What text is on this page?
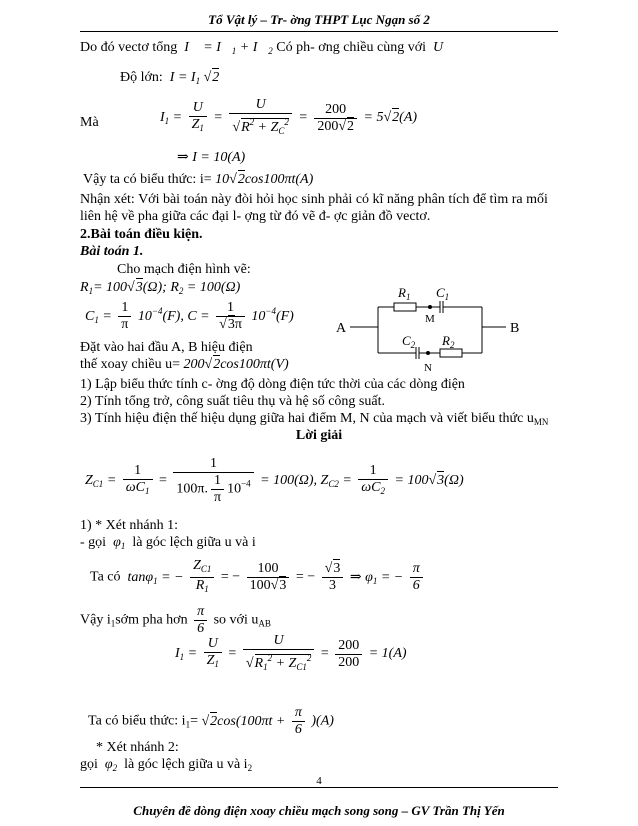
Tổ Vật lý – Tr- ờng THPT Lục Ngạn số 2
Do đó vectơ tổng  I⃗ = $I⃗_1$ + $I⃗_2$ Có ph- ơng chiều cùng với  U⃗
Độ lớn:  $I = I_1$ √2
Mà	$I_1 = \frac{U}{Z_1} = \frac{U}{√R^2 + Z_C^2} = \frac{200}{200√2} = 5√2(A)$
⇒ I = 10(A)
Vậy ta có biểu thức: i= 10√2cos100πt(A)
Nhận xét: Với bài toán này đòi hỏi học sinh phải có kĩ năng phân tích để tìm ra mối
liên hệ về pha giữa các đại l- ợng từ đó vẽ đ- ợc giản đồ vectơ.
2.Bài toán điều kiện.
Bài toán 1.
Cho mạch điện hình vẽ:
$R_1= 100√3(\Omega)$; $R_2 = 100(\Omega)$
$C_1 = \frac{1}{\pi} 10^{-4}(F)$, $C = \frac{1}{√3\pi} 10^{-4}(F)$
Đặt vào hai đầu A, B hiệu điện
thế xoay chiều u= 200√2cos100πt(V)
A	B
$R_1$ $C_1$
M
$C_2$ $R_2$
N
1) Lập biểu thức tính c- ờng độ dòng điện tức thời của các dòng điện
2) Tính tổng trở, công suất tiêu thụ và hệ số công suất.
3) Tính hiệu điện thế hiệu dụng giữa hai điểm M, N của mạch và viết biểu thức $u_{MN}$
Lời giải
$Z_{C1} = \frac{1}{\omega C_1} = \frac{1}{100\pi. \frac{1}{\pi} 10^{-4}} = 100(\Omega)$, $Z_{C2} = \frac{1}{\omega C_2} = 100√3(\Omega)$
1) * Xét nhánh 1:
- gọi  $\varphi_1$ là góc lệch giữa u và i
Ta có  tanφ$_1$ = − $\frac{Z_{C1}}{R_1}$ = − $\frac{100}{100√3}$ = − $\frac{√3}{3}$ ⇒ $\varphi_1$ = − $\frac{\pi}{6}$
Vậy $i_1sớm$ pha hơn $\frac{\pi}{6}$ so với $u_{AB}$
$I_1 = \frac{U}{Z_1} = \frac{U}{√R_1^2 + Z_{C1}^2} = \frac{200}{200} = 1(A)$
Ta có biểu thức: $i_1= √2\cos(100\pi t + \frac{\pi}{6} )(A)$
* Xét nhánh 2:
gọi  $\varphi_2$ là góc lệch giữa u và $i_2$
4
Chuyên đề dòng điện xoay chiều mạch song song – GV Trần Thị Yến
